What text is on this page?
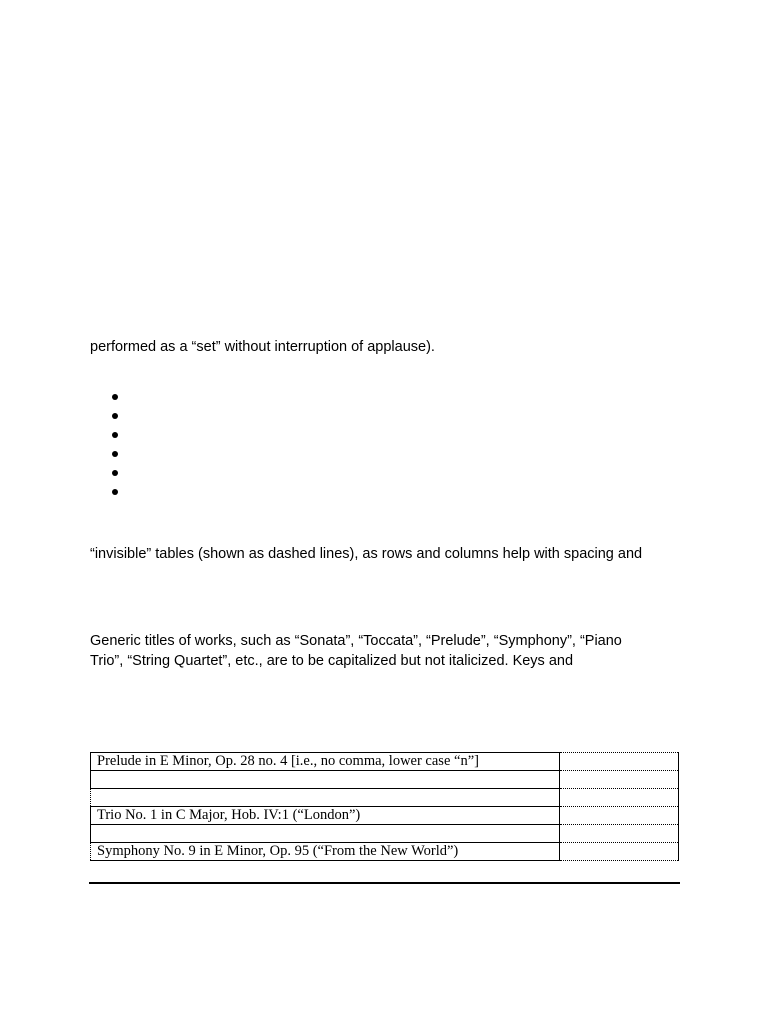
performed as a “set” without interruption of applause).
“invisible” tables (shown as dashed lines), as rows and columns help with spacing and
Generic titles of works, such as “Sonata”, “Toccata”, “Prelude”, “Symphony”, “Piano
Trio”, “String Quartet”, etc., are to be capitalized but not italicized. Keys and
Prelude in E Minor, Op. 28 no. 4 [i.e., no comma, lower case “n”]	

Trio No. 1 in C Major, Hob. IV:1 (“London”)	

Symphony No. 9 in E Minor, Op. 95 (“From the New World”)	
